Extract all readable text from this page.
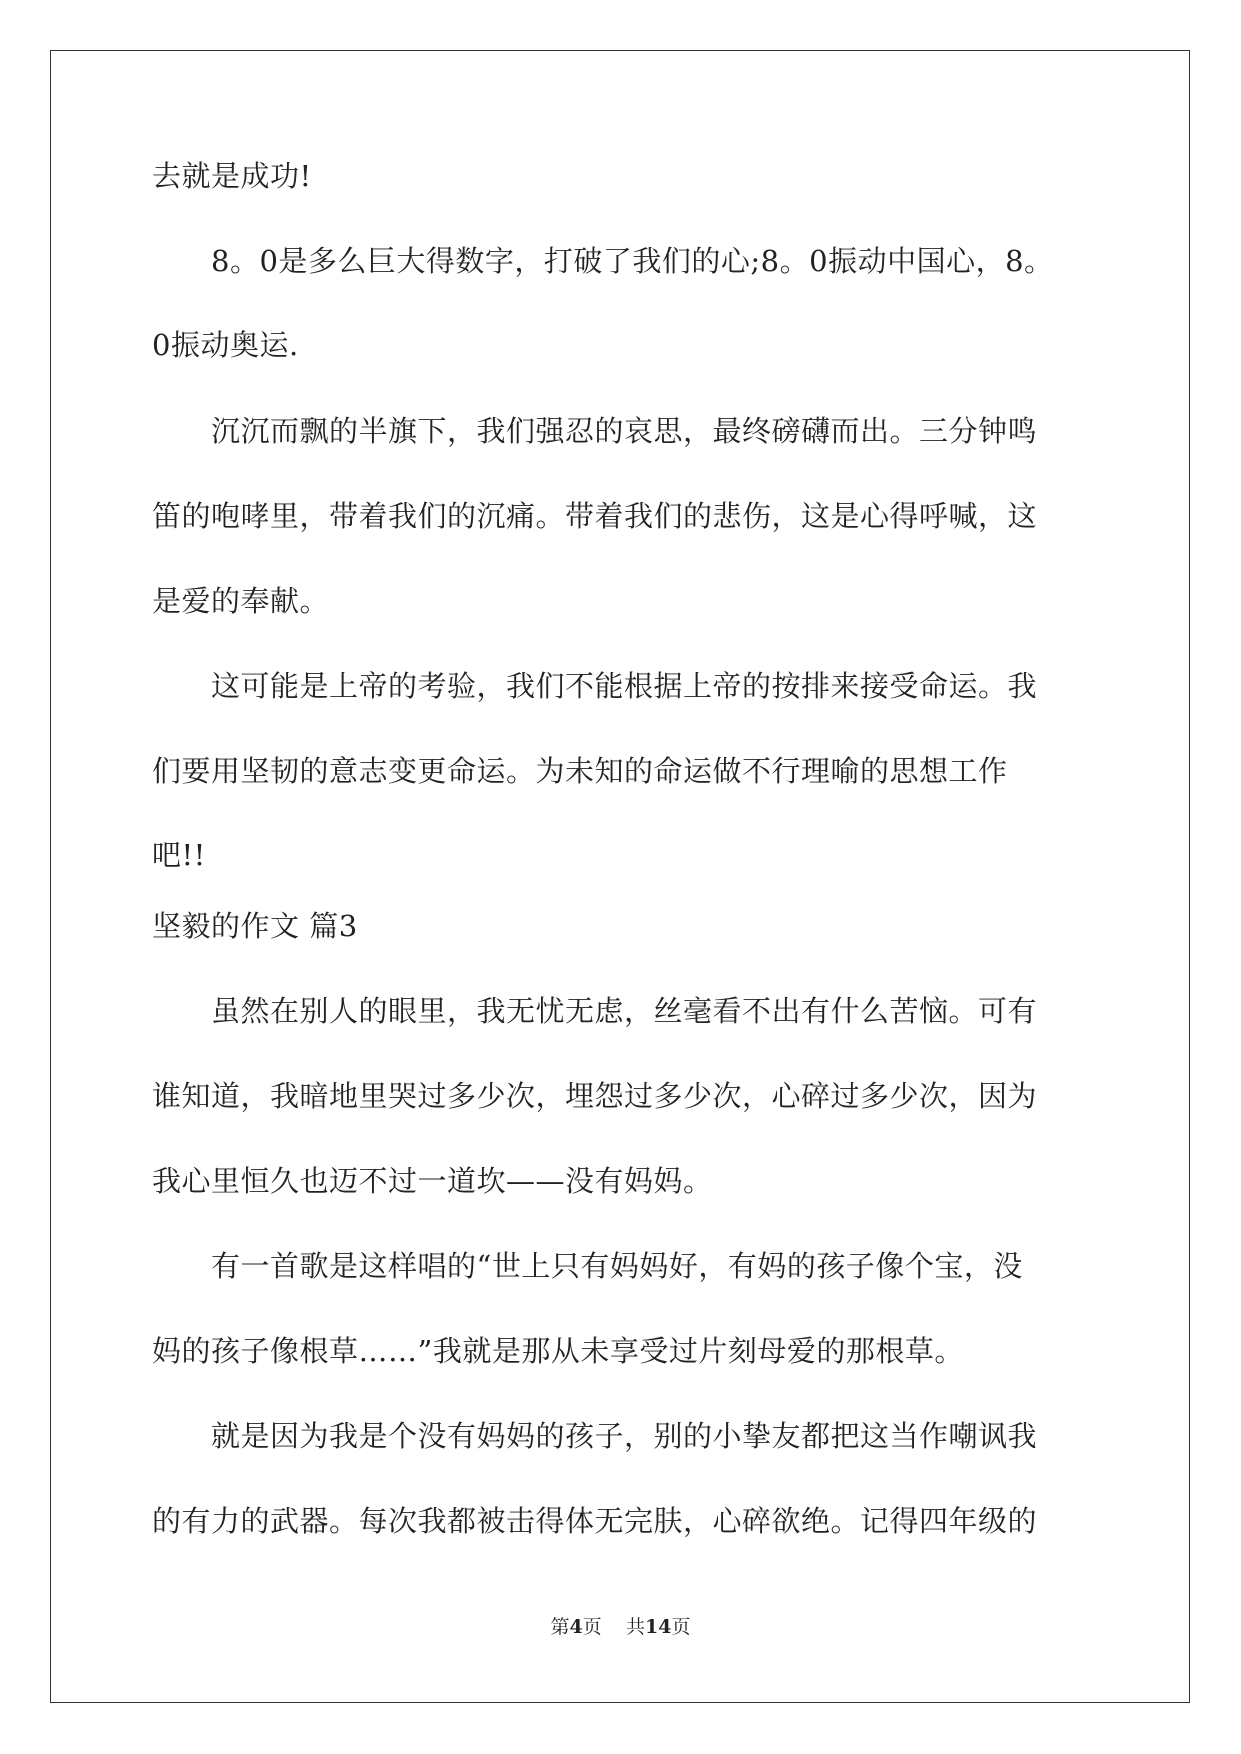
去就是成功!
　　8。0是多么巨大得数字，打破了我们的心;8。0振动中国心，8。
0振动奥运.
　　沉沉而飘的半旗下，我们强忍的哀思，最终磅礴而出。三分钟鸣
笛的咆哮里，带着我们的沉痛。带着我们的悲伤，这是心得呼喊，这
是爱的奉献。
　　这可能是上帝的考验，我们不能根据上帝的按排来接受命运。我
们要用坚韧的意志变更命运。为未知的命运做不行理喻的思想工作
吧!!
坚毅的作文 篇3
　　虽然在别人的眼里，我无忧无虑，丝毫看不出有什么苦恼。可有
谁知道，我暗地里哭过多少次，埋怨过多少次，心碎过多少次，因为
我心里恒久也迈不过一道坎——没有妈妈。
　　有一首歌是这样唱的“世上只有妈妈好，有妈的孩子像个宝，没
妈的孩子像根草……”我就是那从未享受过片刻母爱的那根草。
　　就是因为我是个没有妈妈的孩子，别的小挚友都把这当作嘲讽我
的有力的武器。每次我都被击得体无完肤，心碎欲绝。记得四年级的
第4页 共14页
